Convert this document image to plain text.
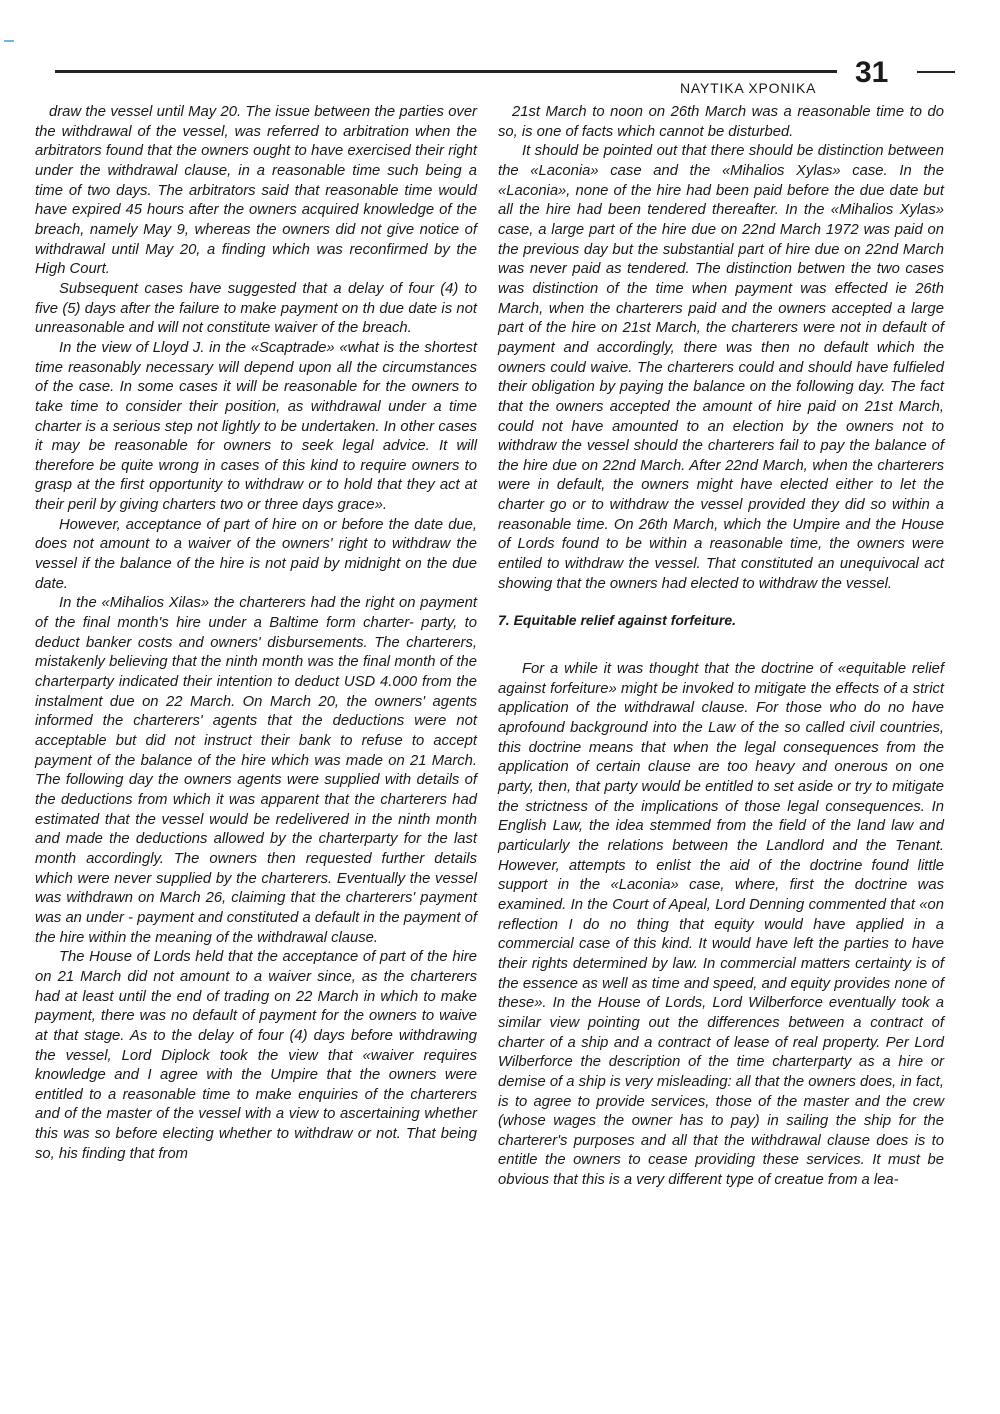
ΝΑΥΤΙΚΑ ΧΡΟΝΙΚΑ 31

draw the vessel until May 20. The issue between the parties over the withdrawal of the vessel, was referred to arbitration when the arbitrators found that the owners ought to have exercised their right under the withdrawal clause, in a reasonable time such being a time of two days. The arbitrators said that reasonable time would have expired 45 hours after the owners acquired knowledge of the breach, namely May 9, whereas the owners did not give notice of withdrawal until May 20, a finding which was reconfirmed by the High Court.

Subsequent cases have suggested that a delay of four (4) to five (5) days after the failure to make payment on th due date is not unreasonable and will not constitute waiver of the breach.

In the view of Lloyd J. in the «Scaptrade» «what is the shortest time reasonably necessary will depend upon all the circumstances of the case. In some cases it will be reasonable for the owners to take time to consider their position, as withdrawal under a time charter is a serious step not lightly to be undertaken. In other cases it may be reasonable for owners to seek legal advice. It will therefore be quite wrong in cases of this kind to require owners to grasp at the first opportunity to withdraw or to hold that they act at their peril by giving charters two or three days grace».

However, acceptance of part of hire on or before the date due, does not amount to a waiver of the owners' right to withdraw the vessel if the balance of the hire is not paid by midnight on the due date.

In the «Mihalios Xilas» the charterers had the right on payment of the final month's hire under a Baltime form charter- party, to deduct banker costs and owners' disbursements. The charterers, mistakenly believing that the ninth month was the final month of the charterparty indicated their intention to deduct USD 4.000 from the instalment due on 22 March. On March 20, the owners' agents informed the charterers' agents that the deductions were not acceptable but did not instruct their bank to refuse to accept payment of the balance of the hire which was made on 21 March. The following day the owners agents were supplied with details of the deductions from which it was apparent that the charterers had estimated that the vessel would be redelivered in the ninth month and made the deductions allowed by the charterparty for the last month accordingly. The owners then requested further details which were never supplied by the charterers. Eventually the vessel was withdrawn on March 26, claiming that the charterers' payment was an under - payment and constituted a default in the payment of the hire within the meaning of the withdrawal clause.

The House of Lords held that the acceptance of part of the hire on 21 March did not amount to a waiver since, as the charterers had at least until the end of trading on 22 March in which to make payment, there was no default of payment for the owners to waive at that stage. As to the delay of four (4) days before withdrawing the vessel, Lord Diplock took the view that «waiver requires knowledge and I agree with the Umpire that the owners were entitled to a reasonable time to make enquiries of the charterers and of the master of the vessel with a view to ascertaining whether this was so before electing whether to withdraw or not. That being so, his finding that from

21st March to noon on 26th March was a reasonable time to do so, is one of facts which cannot be disturbed.

It should be pointed out that there should be distinction between the «Laconia» case and the «Mihalios Xylas» case. In the «Laconia», none of the hire had been paid before the due date but all the hire had been tendered thereafter. In the «Mihalios Xylas» case, a large part of the hire due on 22nd March 1972 was paid on the previous day but the substantial part of hire due on 22nd March was never paid as tendered. The distinction betwen the two cases was distinction of the time when payment was effected ie 26th March, when the charterers paid and the owners accepted a large part of the hire on 21st March, the charterers were not in default of payment and accordingly, there was then no default which the owners could waive. The charterers could and should have fulfieled their obligation by paying the balance on the following day. The fact that the owners accepted the amount of hire paid on 21st March, could not have amounted to an election by the owners not to withdraw the vessel should the charterers fail to pay the balance of the hire due on 22nd March. After 22nd March, when the charterers were in default, the owners might have elected either to let the charter go or to withdraw the vessel provided they did so within a reasonable time. On 26th March, which the Umpire and the House of Lords found to be within a reasonable time, the owners were entiled to withdraw the vessel. That constituted an unequivocal act showing that the owners had elected to withdraw the vessel.

7. Equitable relief against forfeiture.

For a while it was thought that the doctrine of «equitable relief against forfeiture» might be invoked to mitigate the effects of a strict application of the withdrawal clause. For those who do no have aprofound background into the Law of the so called civil countries, this doctrine means that when the legal consequences from the application of certain clause are too heavy and onerous on one party, then, that party would be entitled to set aside or try to mitigate the strictness of the implications of those legal consequences. In English Law, the idea stemmed from the field of the land law and particularly the relations between the Landlord and the Tenant. However, attempts to enlist the aid of the doctrine found little support in the «Laconia» case, where, first the doctrine was examined. In the Court of Apeal, Lord Denning commented that «on reflection I do no thing that equity would have applied in a commercial case of this kind. It would have left the parties to have their rights determined by law. In commercial matters certainty is of the essence as well as time and speed, and equity provides none of these». In the House of Lords, Lord Wilberforce eventually took a similar view pointing out the differences between a contract of charter of a ship and a contract of lease of real property. Per Lord Wilberforce the description of the time charterparty as a hire or demise of a ship is very misleading: all that the owners does, in fact, is to agree to provide services, those of the master and the crew (whose wages the owner has to pay) in sailing the ship for the charterer's purposes and all that the withdrawal clause does is to entitle the owners to cease providing these services. It must be obvious that this is a very different type of creatue from a lea-
